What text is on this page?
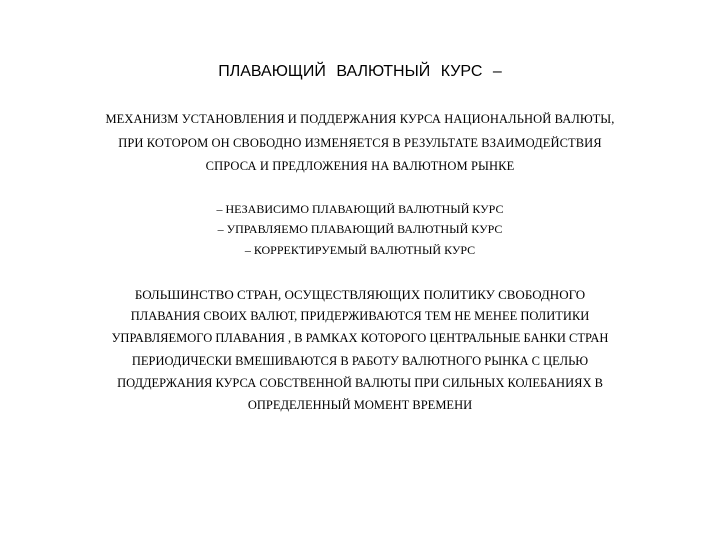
ПЛАВАЮЩИЙ ВАЛЮТНЫЙ КУРС –
МЕХАНИЗМ УСТАНОВЛЕНИЯ И ПОДДЕРЖАНИЯ КУРСА НАЦИОНАЛЬНОЙ ВАЛЮТЫ,
ПРИ КОТОРОМ ОН СВОБОДНО ИЗМЕНЯЕТСЯ В РЕЗУЛЬТАТЕ ВЗАИМОДЕЙСТВИЯ
СПРОСА И ПРЕДЛОЖЕНИЯ НА ВАЛЮТНОМ РЫНКЕ
– НЕЗАВИСИМО ПЛАВАЮЩИЙ ВАЛЮТНЫЙ КУРС
– УПРАВЛЯЕМО ПЛАВАЮЩИЙ ВАЛЮТНЫЙ КУРС
– КОРРЕКТИРУЕМЫЙ ВАЛЮТНЫЙ КУРС
БОЛЬШИНСТВО СТРАН, ОСУЩЕСТВЛЯЮЩИХ ПОЛИТИКУ СВОБОДНОГО
ПЛАВАНИЯ СВОИХ ВАЛЮТ, ПРИДЕРЖИВАЮТСЯ ТЕМ НЕ МЕНЕЕ ПОЛИТИКИ
УПРАВЛЯЕМОГО ПЛАВАНИЯ , В РАМКАХ КОТОРОГО ЦЕНТРАЛЬНЫЕ БАНКИ СТРАН
ПЕРИОДИЧЕСКИ ВМЕШИВАЮТСЯ В РАБОТУ ВАЛЮТНОГО РЫНКА С ЦЕЛЬЮ
ПОДДЕРЖАНИЯ КУРСА СОБСТВЕННОЙ ВАЛЮТЫ ПРИ СИЛЬНЫХ КОЛЕБАНИЯХ В
ОПРЕДЕЛЕННЫЙ МОМЕНТ ВРЕМЕНИ
